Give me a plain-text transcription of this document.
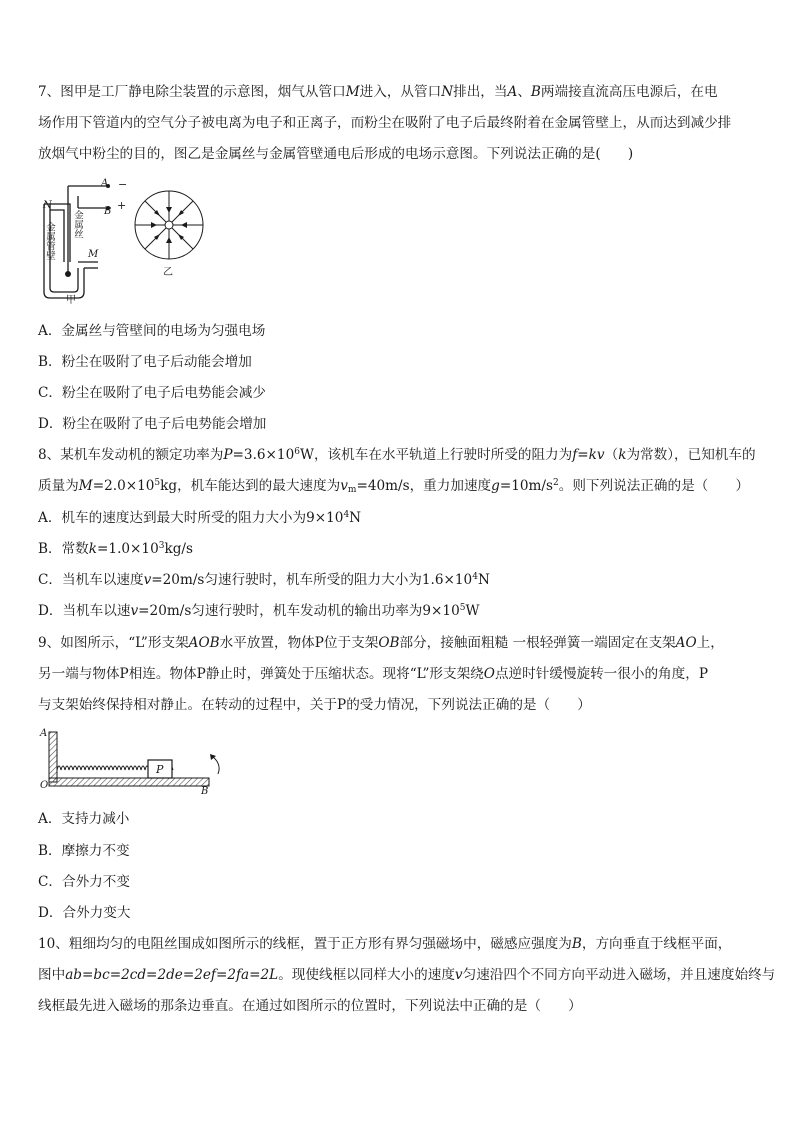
7、图甲是工厂静电除尘装置的示意图，烟气从管口M进入，从管口N排出，当A、B两端接直流高压电源后，在电
场作用下管道内的空气分子被电离为电子和正离子，而粉尘在吸附了电子后最终附着在金属管壁上，从而达到减少排
放烟气中粉尘的目的，图乙是金属丝与金属管壁通电后形成的电场示意图。下列说法正确的是(　　)
A −
B +
N
M
金属丝
金属管壁
甲
乙
A．金属丝与管壁间的电场为匀强电场
B．粉尘在吸附了电子后动能会增加
C．粉尘在吸附了电子后电势能会减少
D．粉尘在吸附了电子后电势能会增加
8、某机车发动机的额定功率为$P=3.6\times 10^6W$，该机车在水平轨道上行驶时所受的阻力为f=kv（k为常数），已知机车的
质量为$M=2.0\times 10^5kg$，机车能达到的最大速度为$v_m=40m/s$，重力加速度$g=10m/s^2$。则下列说法正确的是（　　）
A．机车的速度达到最大时所受的阻力大小为$9\times 10^4N$
B．常数$k=1.0\times 10^3kg/s$
C．当机车以速度v=20m/s匀速行驶时，机车所受的阻力大小为$1.6\times 10^4N$
D．当机车以速v=20m/s匀速行驶时，机车发动机的输出功率为$9\times 10^5W$
9、如图所示，“L”形支架AOB水平放置，物体P位于支架OB部分，接触面粗糙 一根轻弹簧一端固定在支架AO上，
另一端与物体P相连。物体P静止时，弹簧处于压缩状态。现将“L”形支架绕O点逆时针缓慢旋转一很小的角度，P
与支架始终保持相对静止。在转动的过程中，关于P的受力情况，下列说法正确的是（　　）
A
O
B
P
A．支持力减小
B．摩擦力不变
C．合外力不变
D．合外力变大
10、粗细均匀的电阻丝围成如图所示的线框，置于正方形有界匀强磁场中，磁感应强度为B，方向垂直于线框平面，
图中ab=bc=2cd=2de=2ef=2fa=2L。现使线框以同样大小的速度v匀速沿四个不同方向平动进入磁场，并且速度始终与
线框最先进入磁场的那条边垂直。在通过如图所示的位置时，下列说法中正确的是（　　）
